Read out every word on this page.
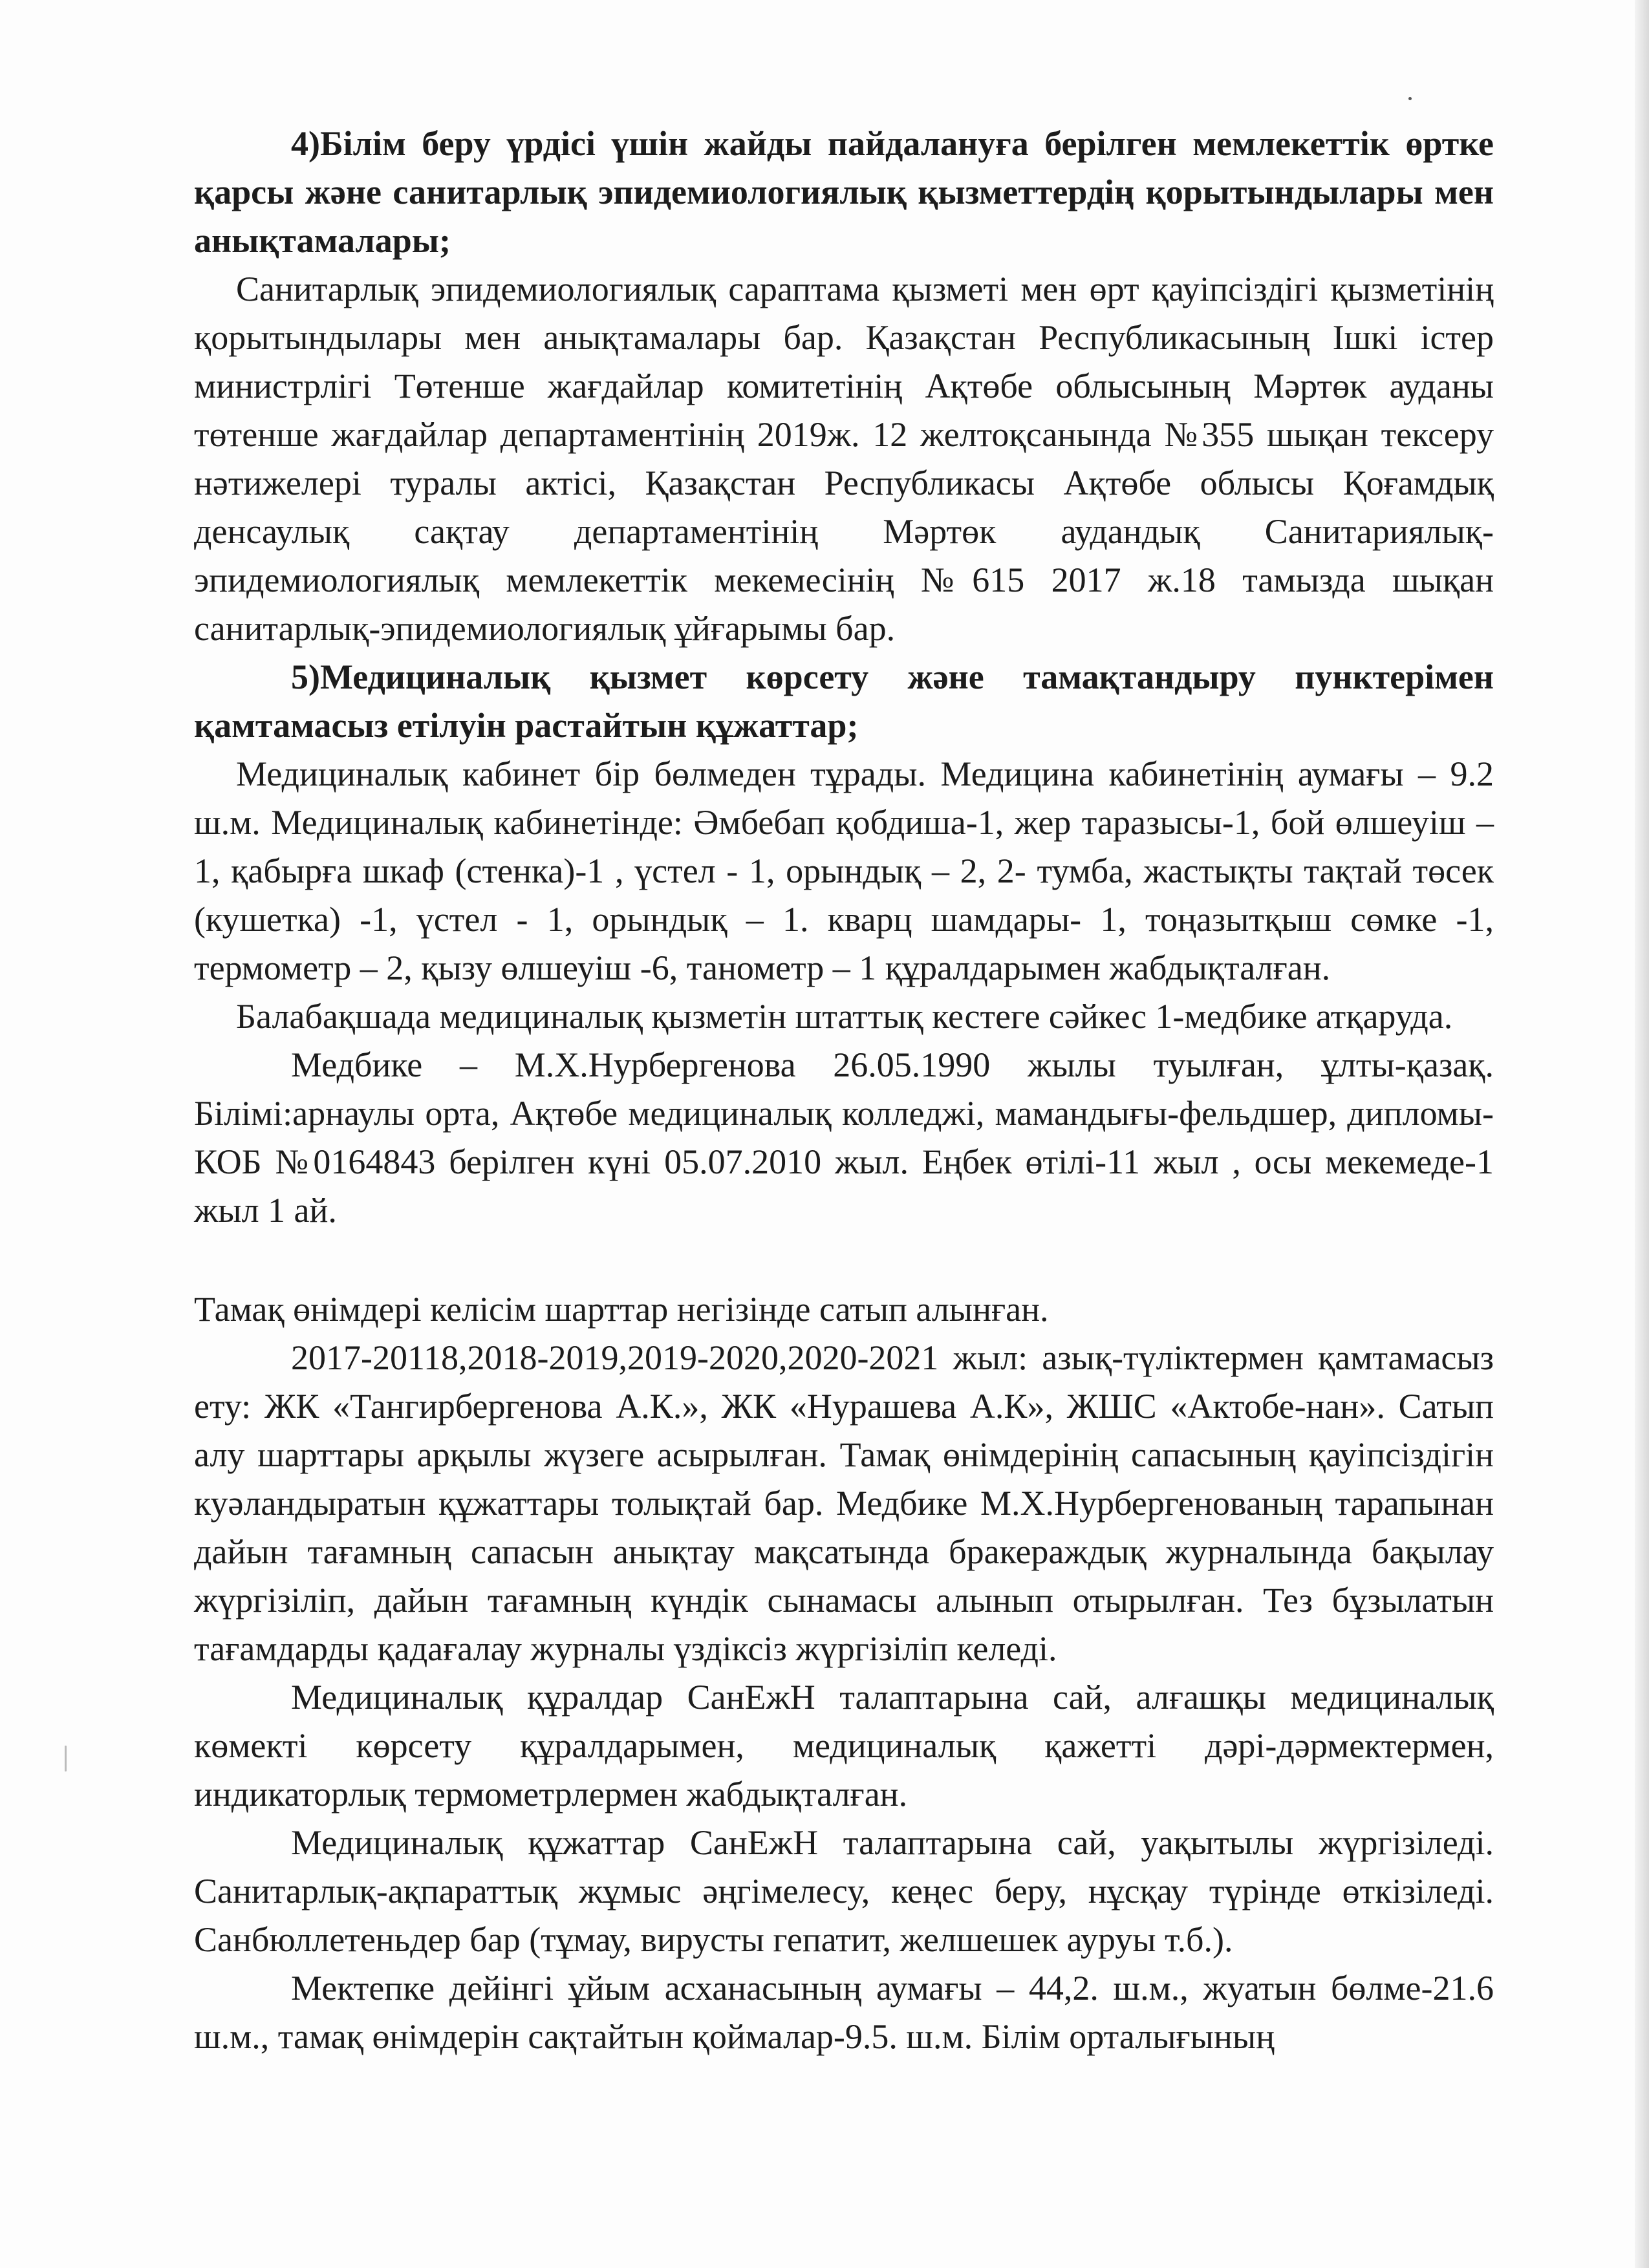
4)Білім беру үрдісі үшін жайды пайдалануға берілген мемлекеттік өртке қарсы және санитарлық эпидемиологиялық қызметтердің қорытындылары мен анықтамалары;

Санитарлық эпидемиологиялық сараптама қызметі мен өрт қауіпсіздігі қызметінің қорытындылары мен анықтамалары бар. Қазақстан Республикасының Ішкі істер министрлігі Төтенше жағдайлар комитетінің Ақтөбе облысының Мәртөк ауданы төтенше жағдайлар департаментінің 2019ж. 12 желтоқсанында №355 шықан тексеру нәтижелері туралы актісі, Қазақстан Республикасы Ақтөбе облысы Қоғамдық денсаулық сақтау департаментінің Мәртөк аудандық Санитариялық-эпидемиологиялық мемлекеттік мекемесінің №615 2017 ж.18 тамызда шықан санитарлық-эпидемиологиялық ұйғарымы бар.

5)Медициналық қызмет көрсету және тамақтандыру пунктерімен қамтамасыз етілуін растайтын құжаттар;

Медициналық кабинет бір бөлмеден тұрады. Медицина кабинетінің аумағы – 9.2 ш.м. Медициналық кабинетінде: Әмбебап қобдиша-1, жер таразысы-1, бой өлшеуіш – 1, қабырға шкаф (стенка)-1 , үстел - 1, орындық – 2, 2- тумба, жастықты тақтай төсек (кушетка) -1, үстел - 1, орындық – 1. кварц шамдары- 1, тоңазытқыш сөмке -1, термометр – 2, қызу өлшеуіш -6, танометр – 1 құралдарымен жабдықталған.

Балабақшада медициналық қызметін штаттық кестеге сәйкес 1-медбике атқаруда.

Медбике – М.Х.Нурбергенова 26.05.1990 жылы туылған, ұлты-қазақ. Білімі:арнаулы орта, Ақтөбе медициналық колледжі, мамандығы-фельдшер, дипломы-КОБ №0164843 берілген күні 05.07.2010 жыл. Еңбек өтілі-11 жыл , осы мекемеде-1 жыл 1 ай.

Тамақ өнімдері келісім шарттар негізінде сатып алынған.

2017-20118,2018-2019,2019-2020,2020-2021 жыл: азық-түліктермен қамтамасыз ету: ЖК «Тангирбергенова А.К.», ЖК «Нурашева А.К», ЖШС «Актобе-нан». Сатып алу шарттары арқылы жүзеге асырылған. Тамақ өнімдерінің сапасының қауіпсіздігін куәландыратын құжаттары толықтай бар. Медбике М.Х.Нурбергенованың тарапынан дайын тағамның сапасын анықтау мақсатында бракераждық журналында бақылау жүргізіліп, дайын тағамның күндік сынамасы алынып отырылған. Тез бұзылатын тағамдарды қадағалау журналы үздіксіз жүргізіліп келеді.

Медициналық құралдар СанЕжН талаптарына сай, алғашқы медициналық көмекті көрсету құралдарымен, медициналық қажетті дәрі-дәрмектермен, индикаторлық термометрлермен жабдықталған.

Медициналық құжаттар СанЕжН талаптарына сай, уақытылы жүргізіледі. Санитарлық-ақпараттық жұмыс әңгімелесу, кеңес беру, нұсқау түрінде өткізіледі. Санбюллетеньдер бар (тұмау, вирусты гепатит, желшешек ауруы т.б.).

Мектепке дейінгі ұйым асханасының аумағы – 44,2. ш.м., жуатын бөлме-21.6 ш.м., тамақ өнімдерін сақтайтын қоймалар-9.5. ш.м. Білім орталығының
